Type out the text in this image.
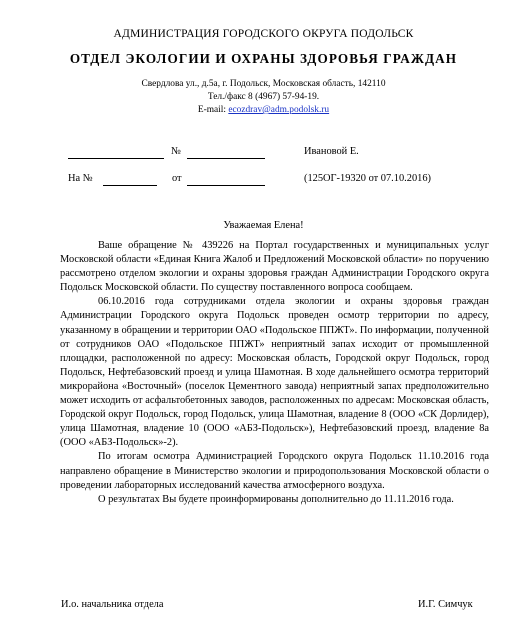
АДМИНИСТРАЦИЯ ГОРОДСКОГО ОКРУГА ПОДОЛЬСК
ОТДЕЛ ЭКОЛОГИИ И ОХРАНЫ ЗДОРОВЬЯ ГРАЖДАН
Свердлова ул., д.5а, г. Подольск, Московская область, 142110
Тел./факс 8 (4967) 57-94-19.
E-mail: ecozdrav@adm.podolsk.ru
№	Ивановой Е.
На №	от	(125ОГ-19320 от 07.10.2016)
Уважаемая Елена!

Ваше обращение № 439226 на Портал государственных и муниципальных услуг Московской области «Единая Книга Жалоб и Предложений Московской области» по поручению рассмотрено отделом экологии и охраны здоровья граждан Администрации Городского округа Подольск Московской области. По существу поставленного вопроса сообщаем.

06.10.2016 года сотрудниками отдела экологии и охраны здоровья граждан Администрации Городского округа Подольск проведен осмотр территории по адресу, указанному в обращении и территории ОАО «Подольское ППЖТ». По информации, полученной от сотрудников ОАО «Подольское ППЖТ» неприятный запах исходит от промышленной площадки, расположенной по адресу: Московская область, Городской округ Подольск, город Подольск, Нефтебазовский проезд и улица Шамотная. В ходе дальнейшего осмотра территорий микрорайона «Восточный» (поселок Цементного завода) неприятный запах предположительно может исходить от асфальтобетонных заводов, расположенных по адресам: Московская область, Городской округ Подольск, город Подольск, улица Шамотная, владение 8 (ООО «СК Дорлидер), улица Шамотная, владение 10 (ООО «АБЗ-Подольск»), Нефтебазовский проезд, владение 8а (ООО «АБЗ-Подольск»-2).

По итогам осмотра Администрацией Городского округа Подольск 11.10.2016 года направлено обращение в Министерство экологии и природопользования Московской области о проведении лабораторных исследований качества атмосферного воздуха.

О результатах Вы будете проинформированы дополнительно до 11.11.2016 года.

И.о. начальника отдела	И.Г. Симчук
